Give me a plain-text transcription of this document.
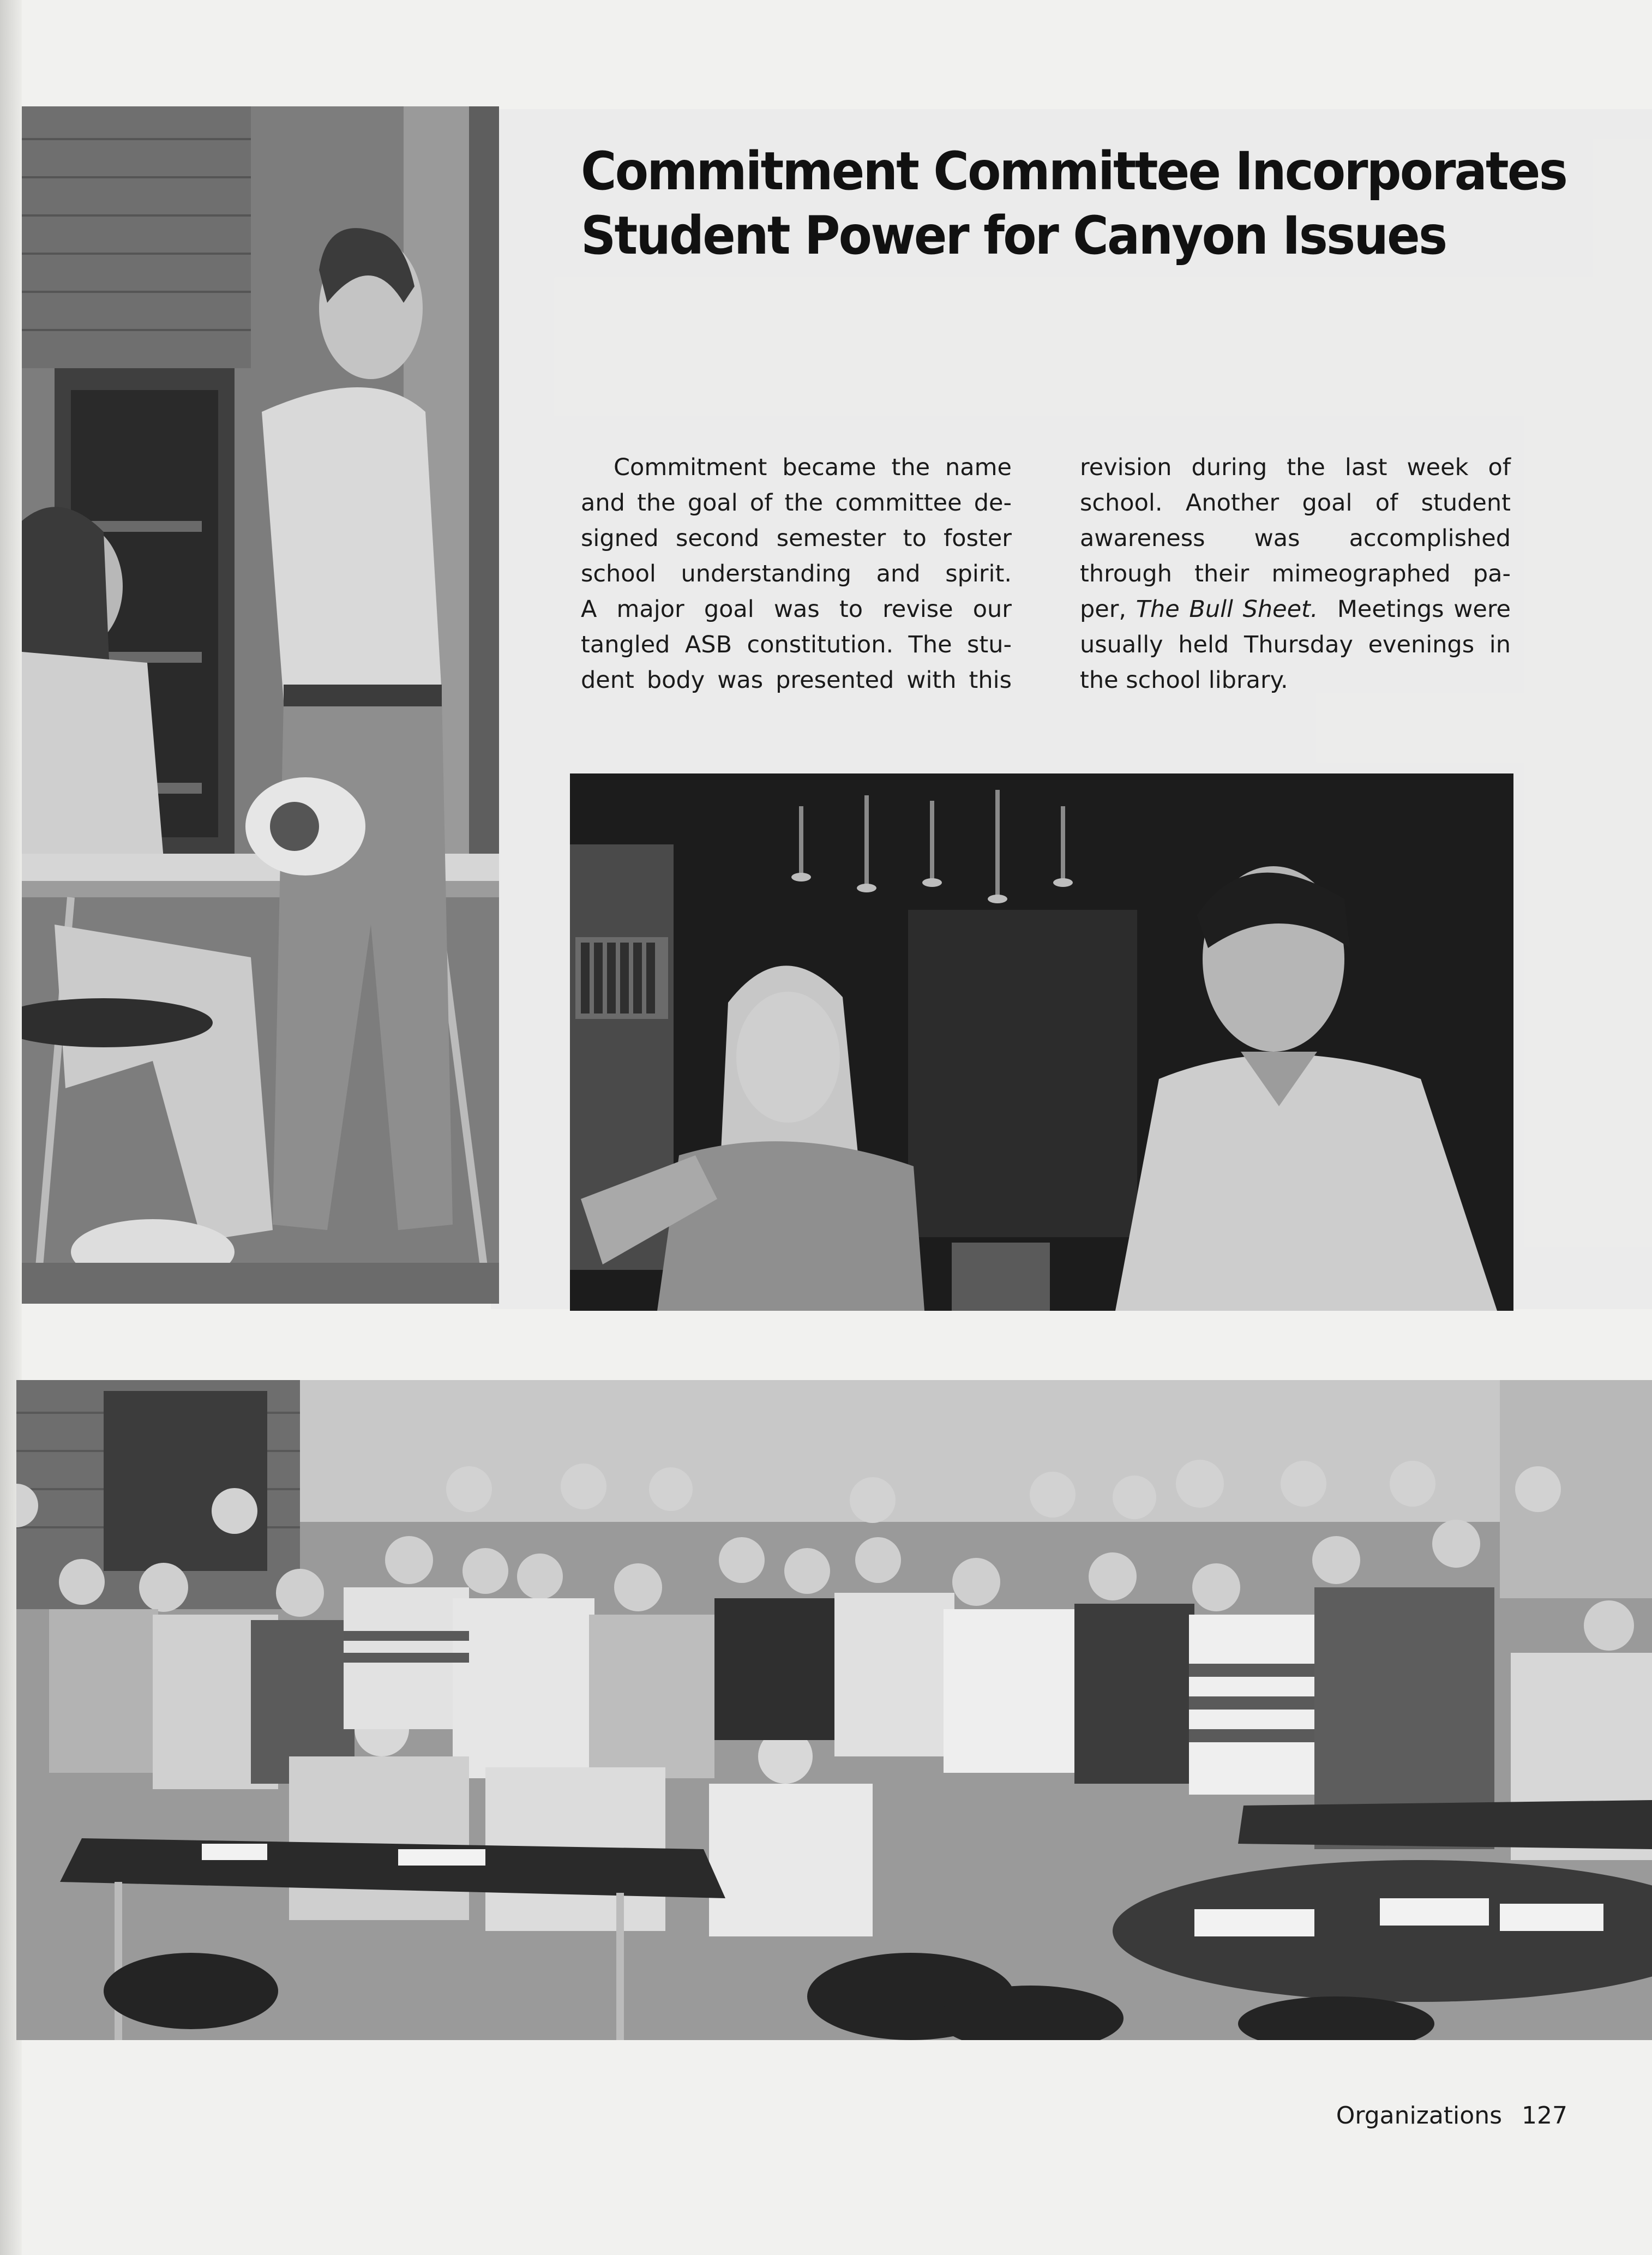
Commitment Committee Incorporates
Student Power for Canyon Issues
Commitment became the name
and the goal of the committee de-
signed second semester to foster
school understanding and spirit.
A major goal was to revise our
tangled ASB constitution. The stu-
dent body was presented with this
revision during the last week of
school. Another goal of student
awareness was accomplished
through their mimeographed pa-
per, The Bull Sheet. Meetings were
usually held Thursday evenings in
the school library.
Organizations 127
